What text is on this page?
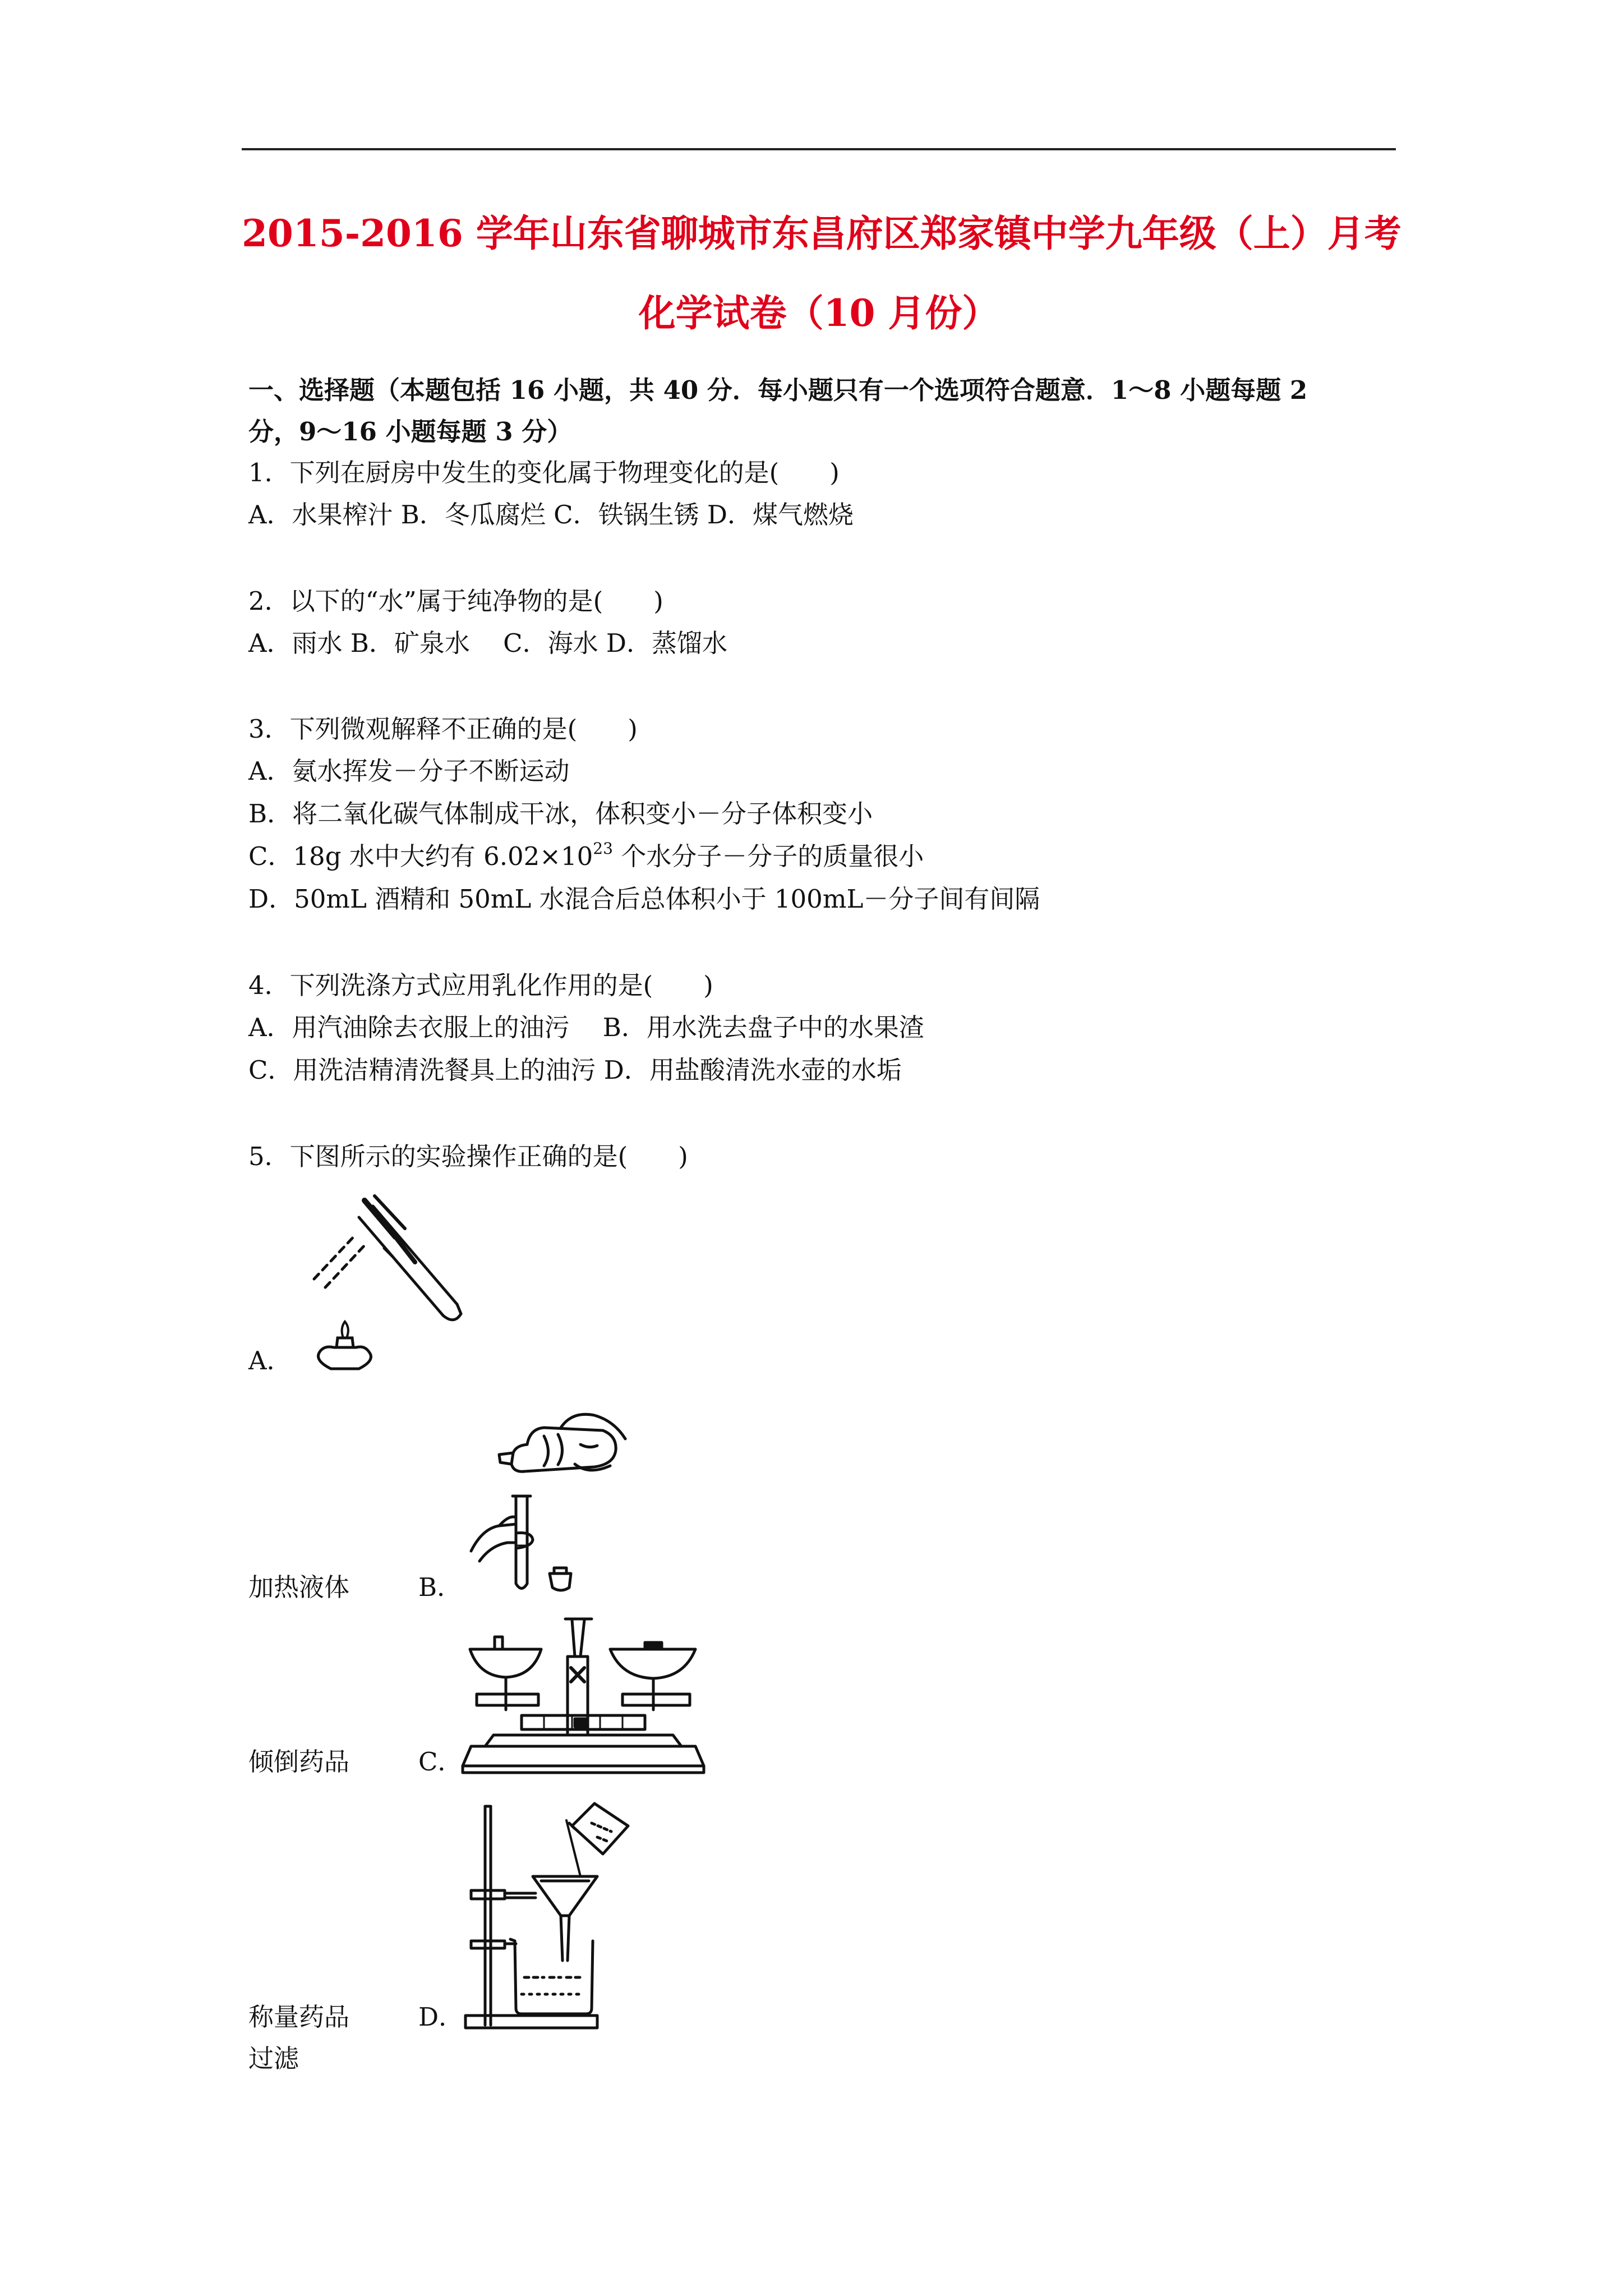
2015-2016 学年山东省聊城市东昌府区郑家镇中学九年级（上）月考
化学试卷（10 月份）
一、选择题（本题包括 16 小题，共 40 分．每小题只有一个选项符合题意．1～8 小题每题 2
分，9～16 小题每题 3 分）
1．下列在厨房中发生的变化属于物理变化的是(　　)
A．水果榨汁 B．冬瓜腐烂 C．铁锅生锈 D．煤气燃烧
2．以下的“水”属于纯净物的是(　　)
A．雨水 B．矿泉水　 C．海水 D．蒸馏水
3．下列微观解释不正确的是(　　)
A．氨水挥发－分子不断运动
B．将二氧化碳气体制成干冰，体积变小－分子体积变小
C．18g 水中大约有 $6.02\times 10^{23}$ 个水分子－分子的质量很小
D．50mL 酒精和 50mL 水混合后总体积小于 100mL－分子间有间隔
4．下列洗涤方式应用乳化作用的是(　　)
A．用汽油除去衣服上的油污　 B．用水洗去盘子中的水果渣
C．用洗洁精清洗餐具上的油污 D．用盐酸清洗水壶的水垢
5．下图所示的实验操作正确的是(　　)
A．
加热液体	B．
倾倒药品	C．
称量药品	D．
过滤
